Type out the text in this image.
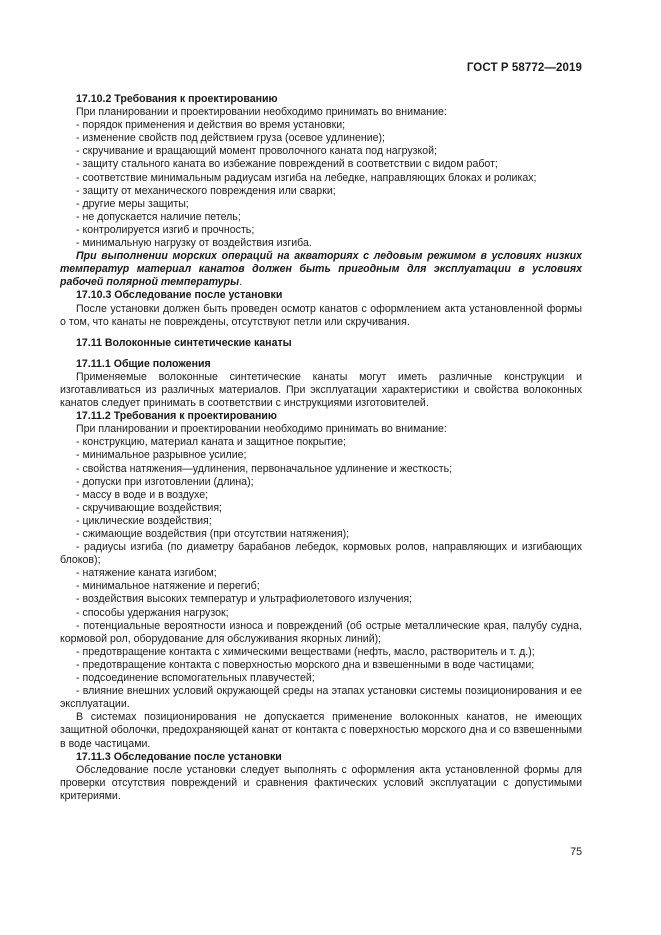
ГОСТ Р 58772—2019

17.10.2 Требования к проектированию

При планировании и проектировании необходимо принимать во внимание:

- порядок применения и действия во время установки;

- изменение свойств под действием груза (осевое удлинение);

- скручивание и вращающий момент проволочного каната под нагрузкой;

- защиту стального каната во избежание повреждений в соответствии с видом работ;

- соответствие минимальным радиусам изгиба на лебедке, направляющих блоках и роликах;

- защиту от механического повреждения или сварки;

- другие меры защиты;

- не допускается наличие петель;

- контролируется изгиб и прочность;

- минимальную нагрузку от воздействия изгиба.

При выполнении морских операций на акваториях с ледовым режимом в условиях низких температур материал канатов должен быть пригодным для эксплуатации в условиях рабочей полярной температуры.

17.10.3 Обследование после установки

После установки должен быть проведен осмотр канатов с оформлением акта установленной формы о том, что канаты не повреждены, отсутствуют петли или скручивания.

17.11 Волоконные синтетические канаты

17.11.1 Общие положения

Применяемые волоконные синтетические канаты могут иметь различные конструкции и изготавливаться из различных материалов. При эксплуатации характеристики и свойства волоконных канатов следует принимать в соответствии с инструкциями изготовителей.

17.11.2 Требования к проектированию

При планировании и проектировании необходимо принимать во внимание:

- конструкцию, материал каната и защитное покрытие;

- минимальное разрывное усилие;

- свойства натяжения—удлинения, первоначальное удлинение и жесткость;

- допуски при изготовлении (длина);

- массу в воде и в воздухе;

- скручивающие воздействия;

- циклические воздействия;

- сжимающие воздействия (при отсутствии натяжения);

- радиусы изгиба (по диаметру барабанов лебедок, кормовых ролов, направляющих и изгибающих блоков);

- натяжение каната изгибом;

- минимальное натяжение и перегиб;

- воздействия высоких температур и ультрафиолетового излучения;

- способы удержания нагрузок;

- потенциальные вероятности износа и повреждений (об острые металлические края, палубу судна, кормовой рол, оборудование для обслуживания якорных линий);

- предотвращение контакта с химическими веществами (нефть, масло, растворитель и т. д.);

- предотвращение контакта с поверхностью морского дна и взвешенными в воде частицами;

- подсоединение вспомогательных плавучестей;

- влияние внешних условий окружающей среды на этапах установки системы позиционирования и ее эксплуатации.

В системах позиционирования не допускается применение волоконных канатов, не имеющих защитной оболочки, предохраняющей канат от контакта с поверхностью морского дна и со взвешенными в воде частицами.

17.11.3 Обследование после установки

Обследование после установки следует выполнять с оформления акта установленной формы для проверки отсутствия повреждений и сравнения фактических условий эксплуатации с допустимыми критериями.

75
